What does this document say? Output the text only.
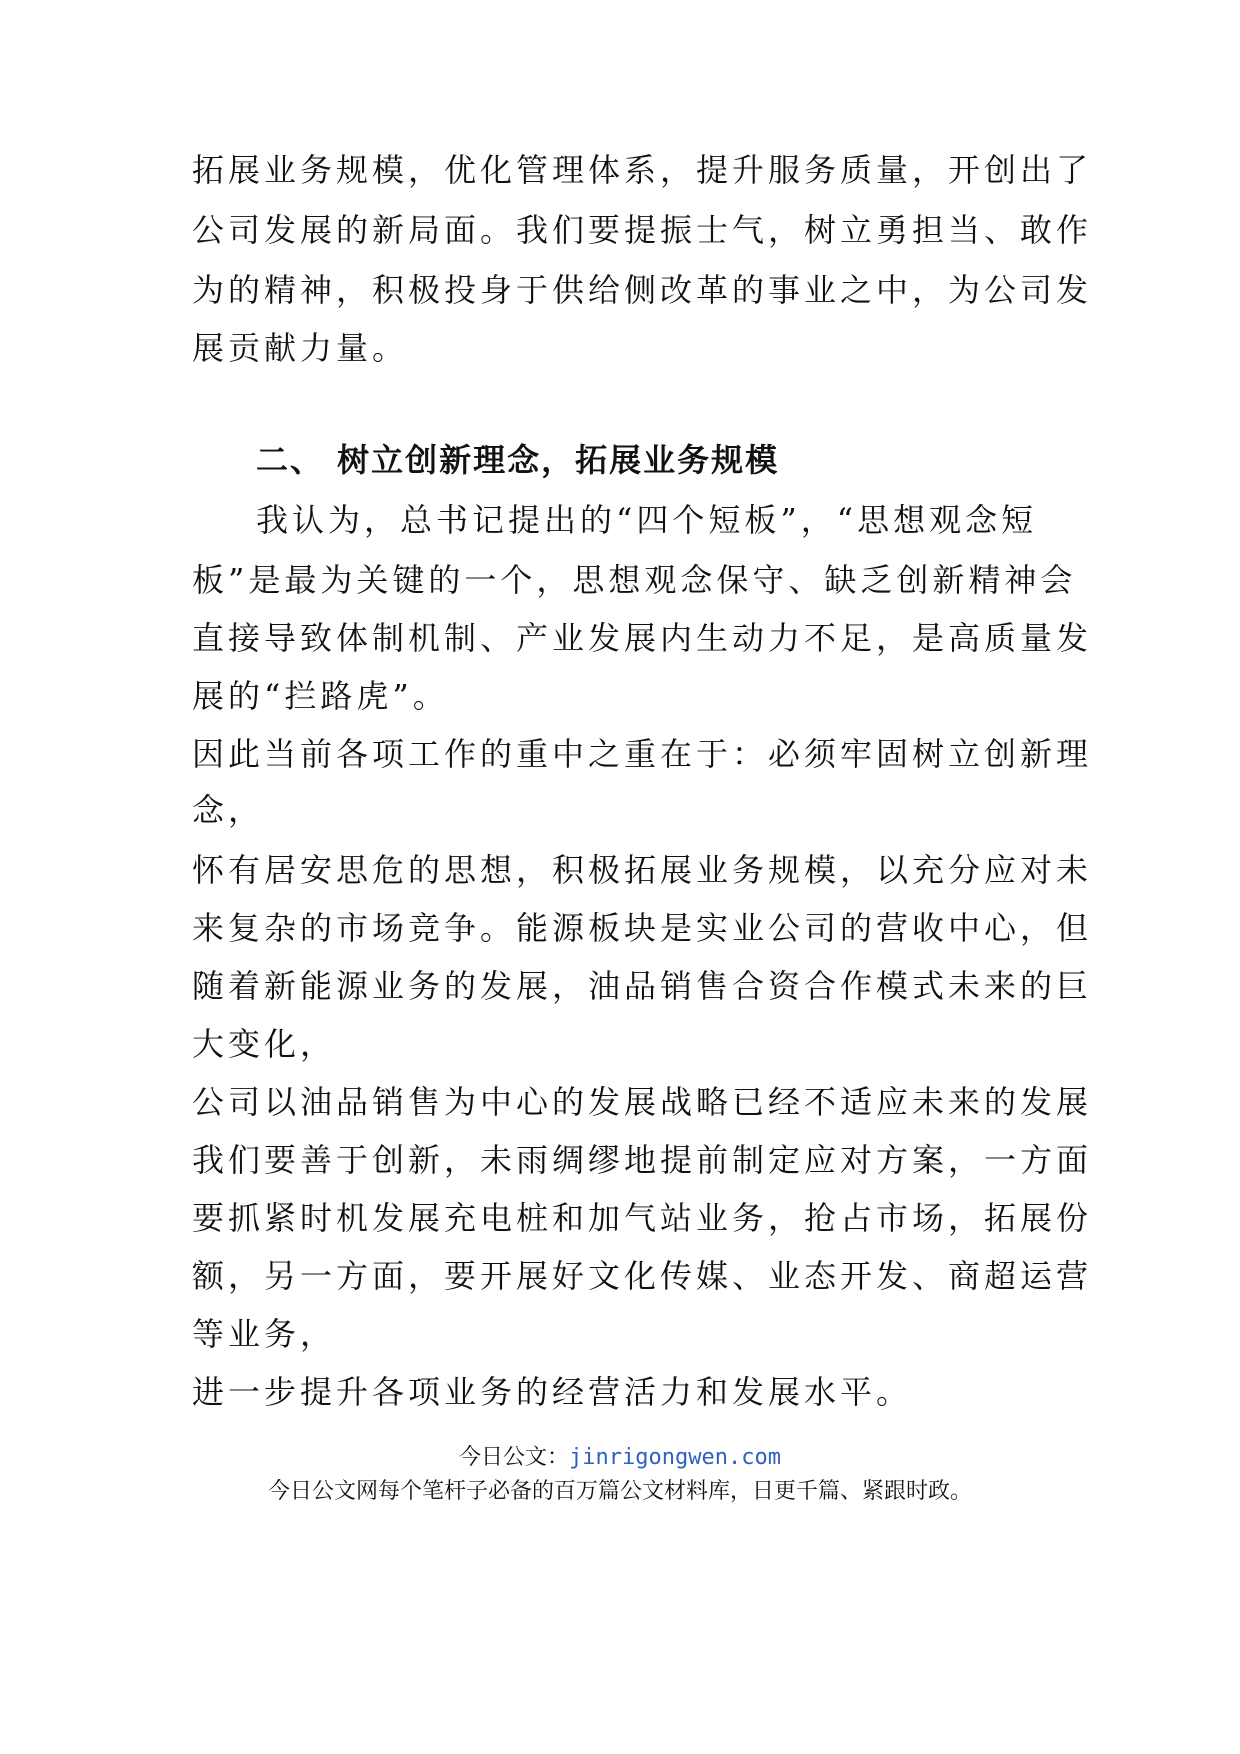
拓展业务规模，优化管理体系，提升服务质量，开创出了
公司发展的新局面。我们要提振士气，树立勇担当、敢作
为的精神，积极投身于供给侧改革的事业之中，为公司发
展贡献力量。
二、 树立创新理念，拓展业务规模
我认为，总书记提出的“四个短板”，“思想观念短
板”是最为关键的一个，思想观念保守、缺乏创新精神会
直接导致体制机制、产业发展内生动力不足，是高质量发
展的“拦路虎”。
因此当前各项工作的重中之重在于：必须牢固树立创新理
念，
怀有居安思危的思想，积极拓展业务规模，以充分应对未
来复杂的市场竞争。能源板块是实业公司的营收中心，但
随着新能源业务的发展，油品销售合资合作模式未来的巨
大变化，
公司以油品销售为中心的发展战略已经不适应未来的发展
我们要善于创新，未雨绸缪地提前制定应对方案，一方面
要抓紧时机发展充电桩和加气站业务，抢占市场，拓展份
额，另一方面，要开展好文化传媒、业态开发、商超运营
等业务，
进一步提升各项业务的经营活力和发展水平。
今日公文：jinrigongwen.com
今日公文网每个笔杆子必备的百万篇公文材料库，日更千篇、紧跟时政。
